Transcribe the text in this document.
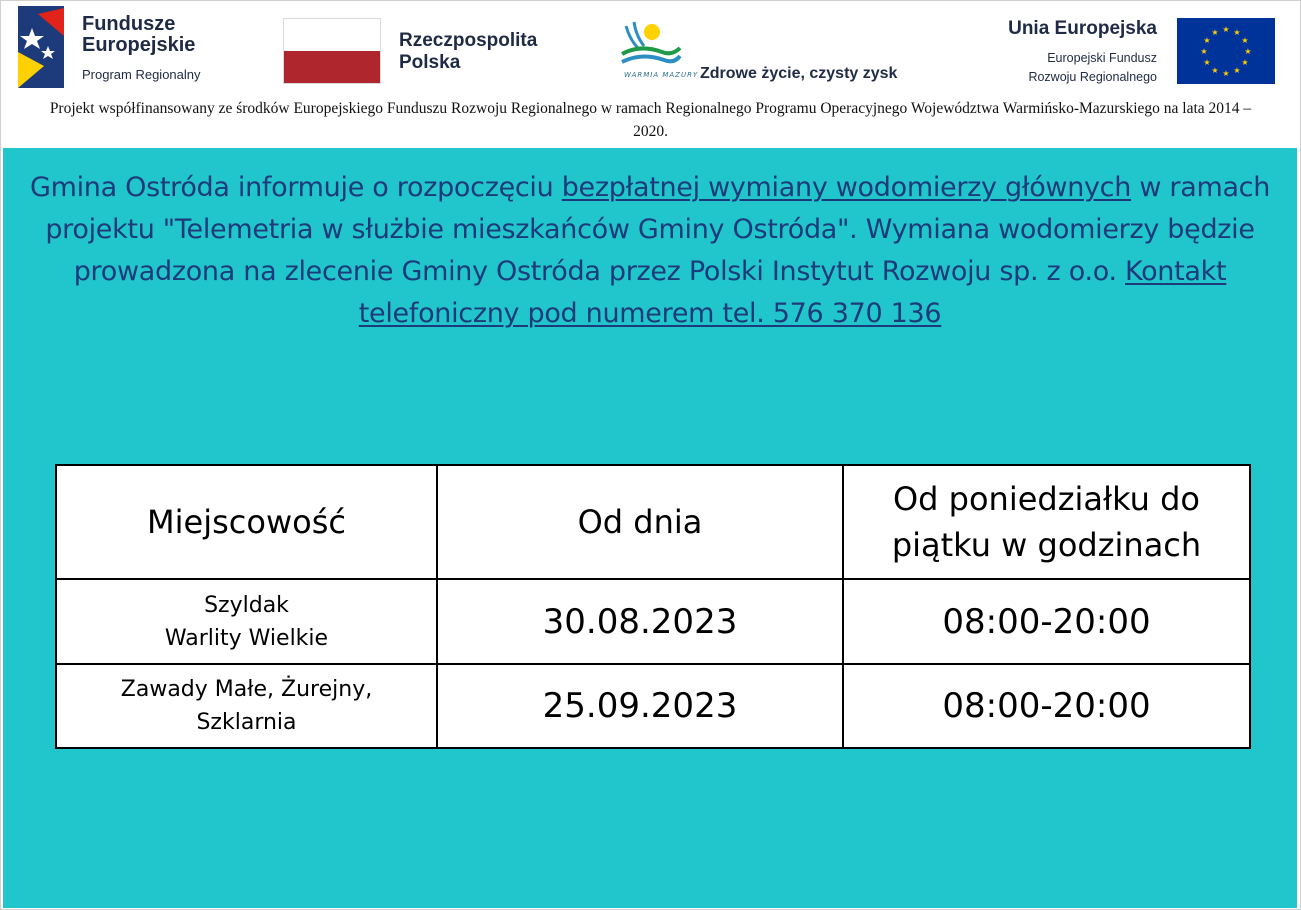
Fundusze Europejskie
Program Regionalny
Rzeczpospolita Polska
WARMIA MAZURY Zdrowe życie, czysty zysk
Unia Europejska
Europejski Fundusz
Rozwoju Regionalnego
★ ★
★
★
★
★
★
★
★
★
★
★
Projekt współfinansowany ze środków Europejskiego Funduszu Rozwoju Regionalnego w ramach Regionalnego Programu Operacyjnego Województwa Warmińsko-Mazurskiego na lata 2014 – 2020.
Gmina Ostróda informuje o rozpoczęciu bezpłatnej wymiany wodomierzy głównych w ramach projektu "Telemetria w służbie mieszkańców Gminy Ostróda". Wymiana wodomierzy będzie prowadzona na zlecenie Gminy Ostróda przez Polski Instytut Rozwoju sp. z o.o. Kontakt telefoniczny pod numerem tel. 576 370 136
Miejscowość	Od dnia	Od poniedziałku do piątku w godzinach

Szyldak
Warlity Wielkie	30.08.2023	08:00-20:00

Zawady Małe, Żurejny,
Szklarnia	25.09.2023	08:00-20:00
